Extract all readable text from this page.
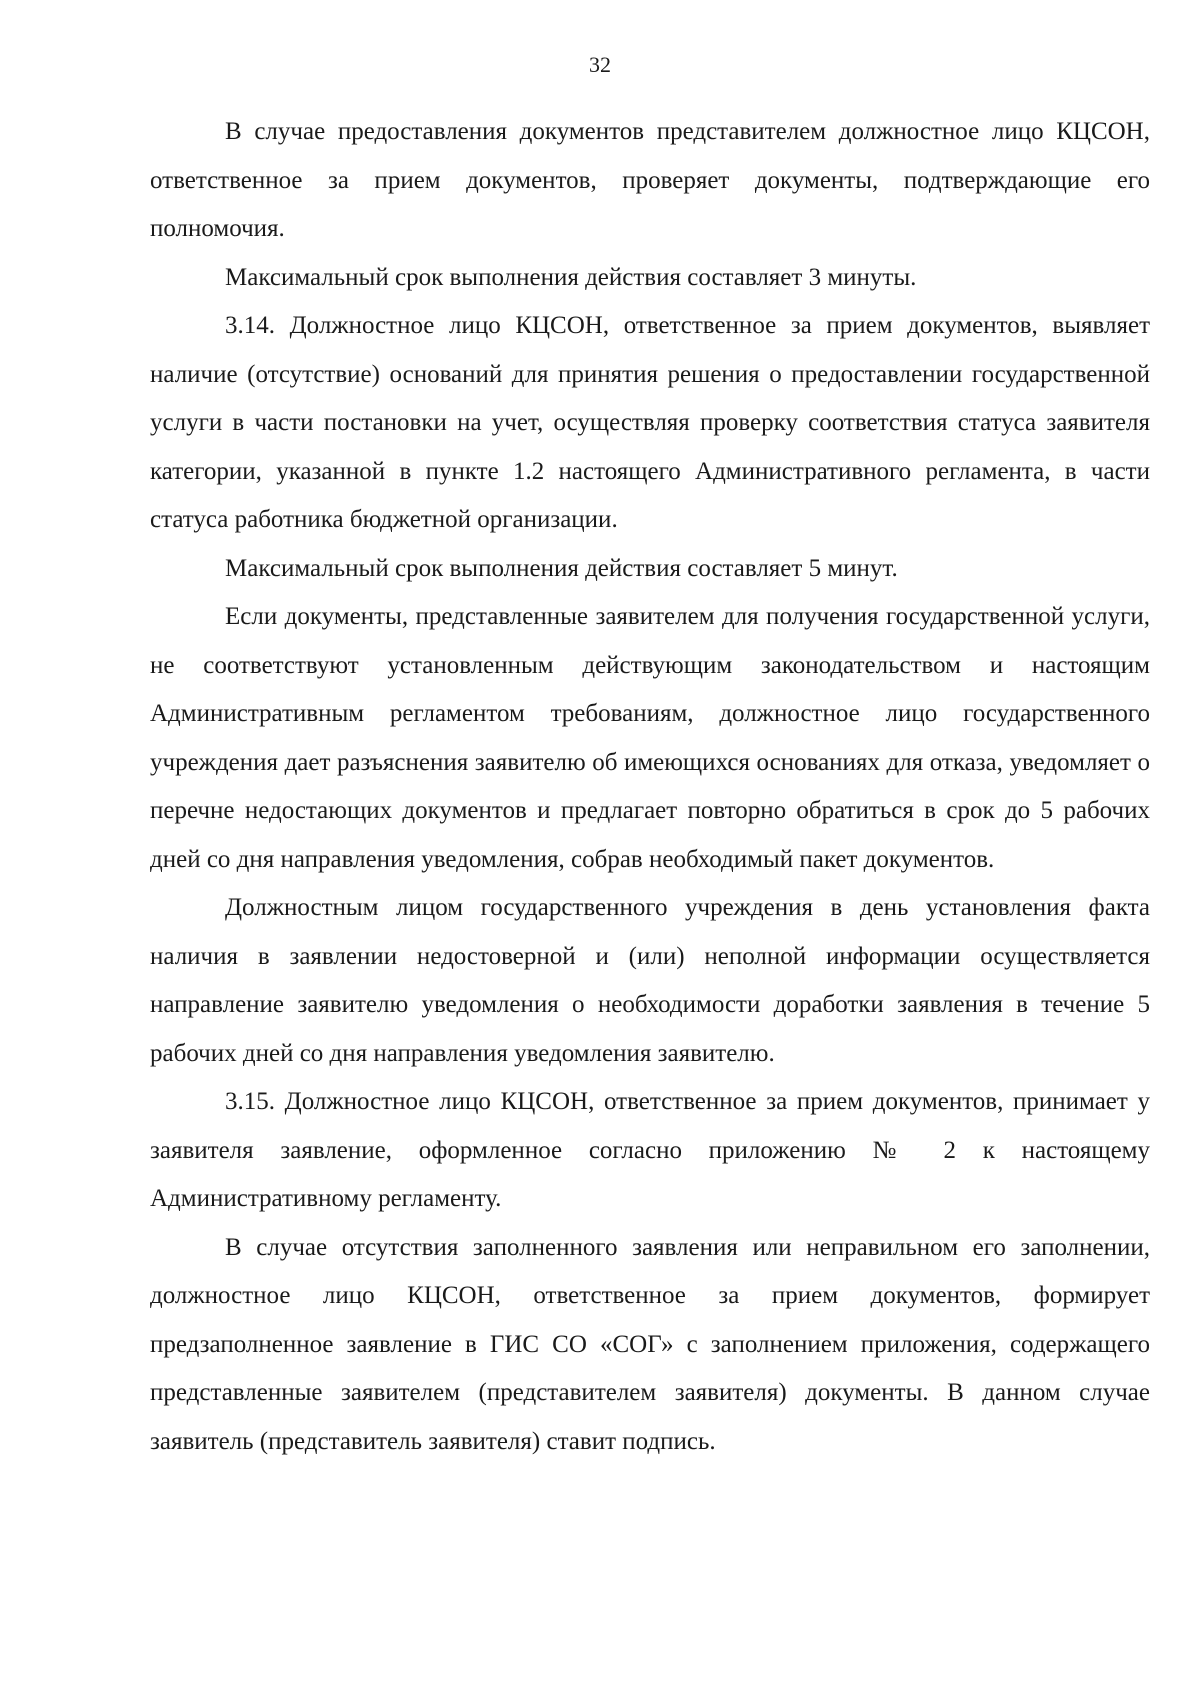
32

В случае предоставления документов представителем должностное лицо КЦСОН, ответственное за прием документов, проверяет документы, подтверждающие его полномочия.

Максимальный срок выполнения действия составляет 3 минуты.

3.14. Должностное лицо КЦСОН, ответственное за прием документов, выявляет наличие (отсутствие) оснований для принятия решения о предоставлении государственной услуги в части постановки на учет, осуществляя проверку соответствия статуса заявителя категории, указанной в пункте 1.2 настоящего Административного регламента, в части статуса работника бюджетной организации.

Максимальный срок выполнения действия составляет 5 минут.

Если документы, представленные заявителем для получения государственной услуги, не соответствуют установленным действующим законодательством и настоящим Административным регламентом требованиям, должностное лицо государственного учреждения дает разъяснения заявителю об имеющихся основаниях для отказа, уведомляет о перечне недостающих документов и предлагает повторно обратиться в срок до 5 рабочих дней со дня направления уведомления, собрав необходимый пакет документов.

Должностным лицом государственного учреждения в день установления факта наличия в заявлении недостоверной и (или) неполной информации осуществляется направление заявителю уведомления о необходимости доработки заявления в течение 5 рабочих дней со дня направления уведомления заявителю.

3.15. Должностное лицо КЦСОН, ответственное за прием документов, принимает у заявителя заявление, оформленное согласно приложению № 2 к настоящему Административному регламенту.

В случае отсутствия заполненного заявления или неправильном его заполнении, должностное лицо КЦСОН, ответственное за прием документов, формирует предзаполненное заявление в ГИС СО «СОГ» с заполнением приложения, содержащего представленные заявителем (представителем заявителя) документы. В данном случае заявитель (представитель заявителя) ставит подпись.
